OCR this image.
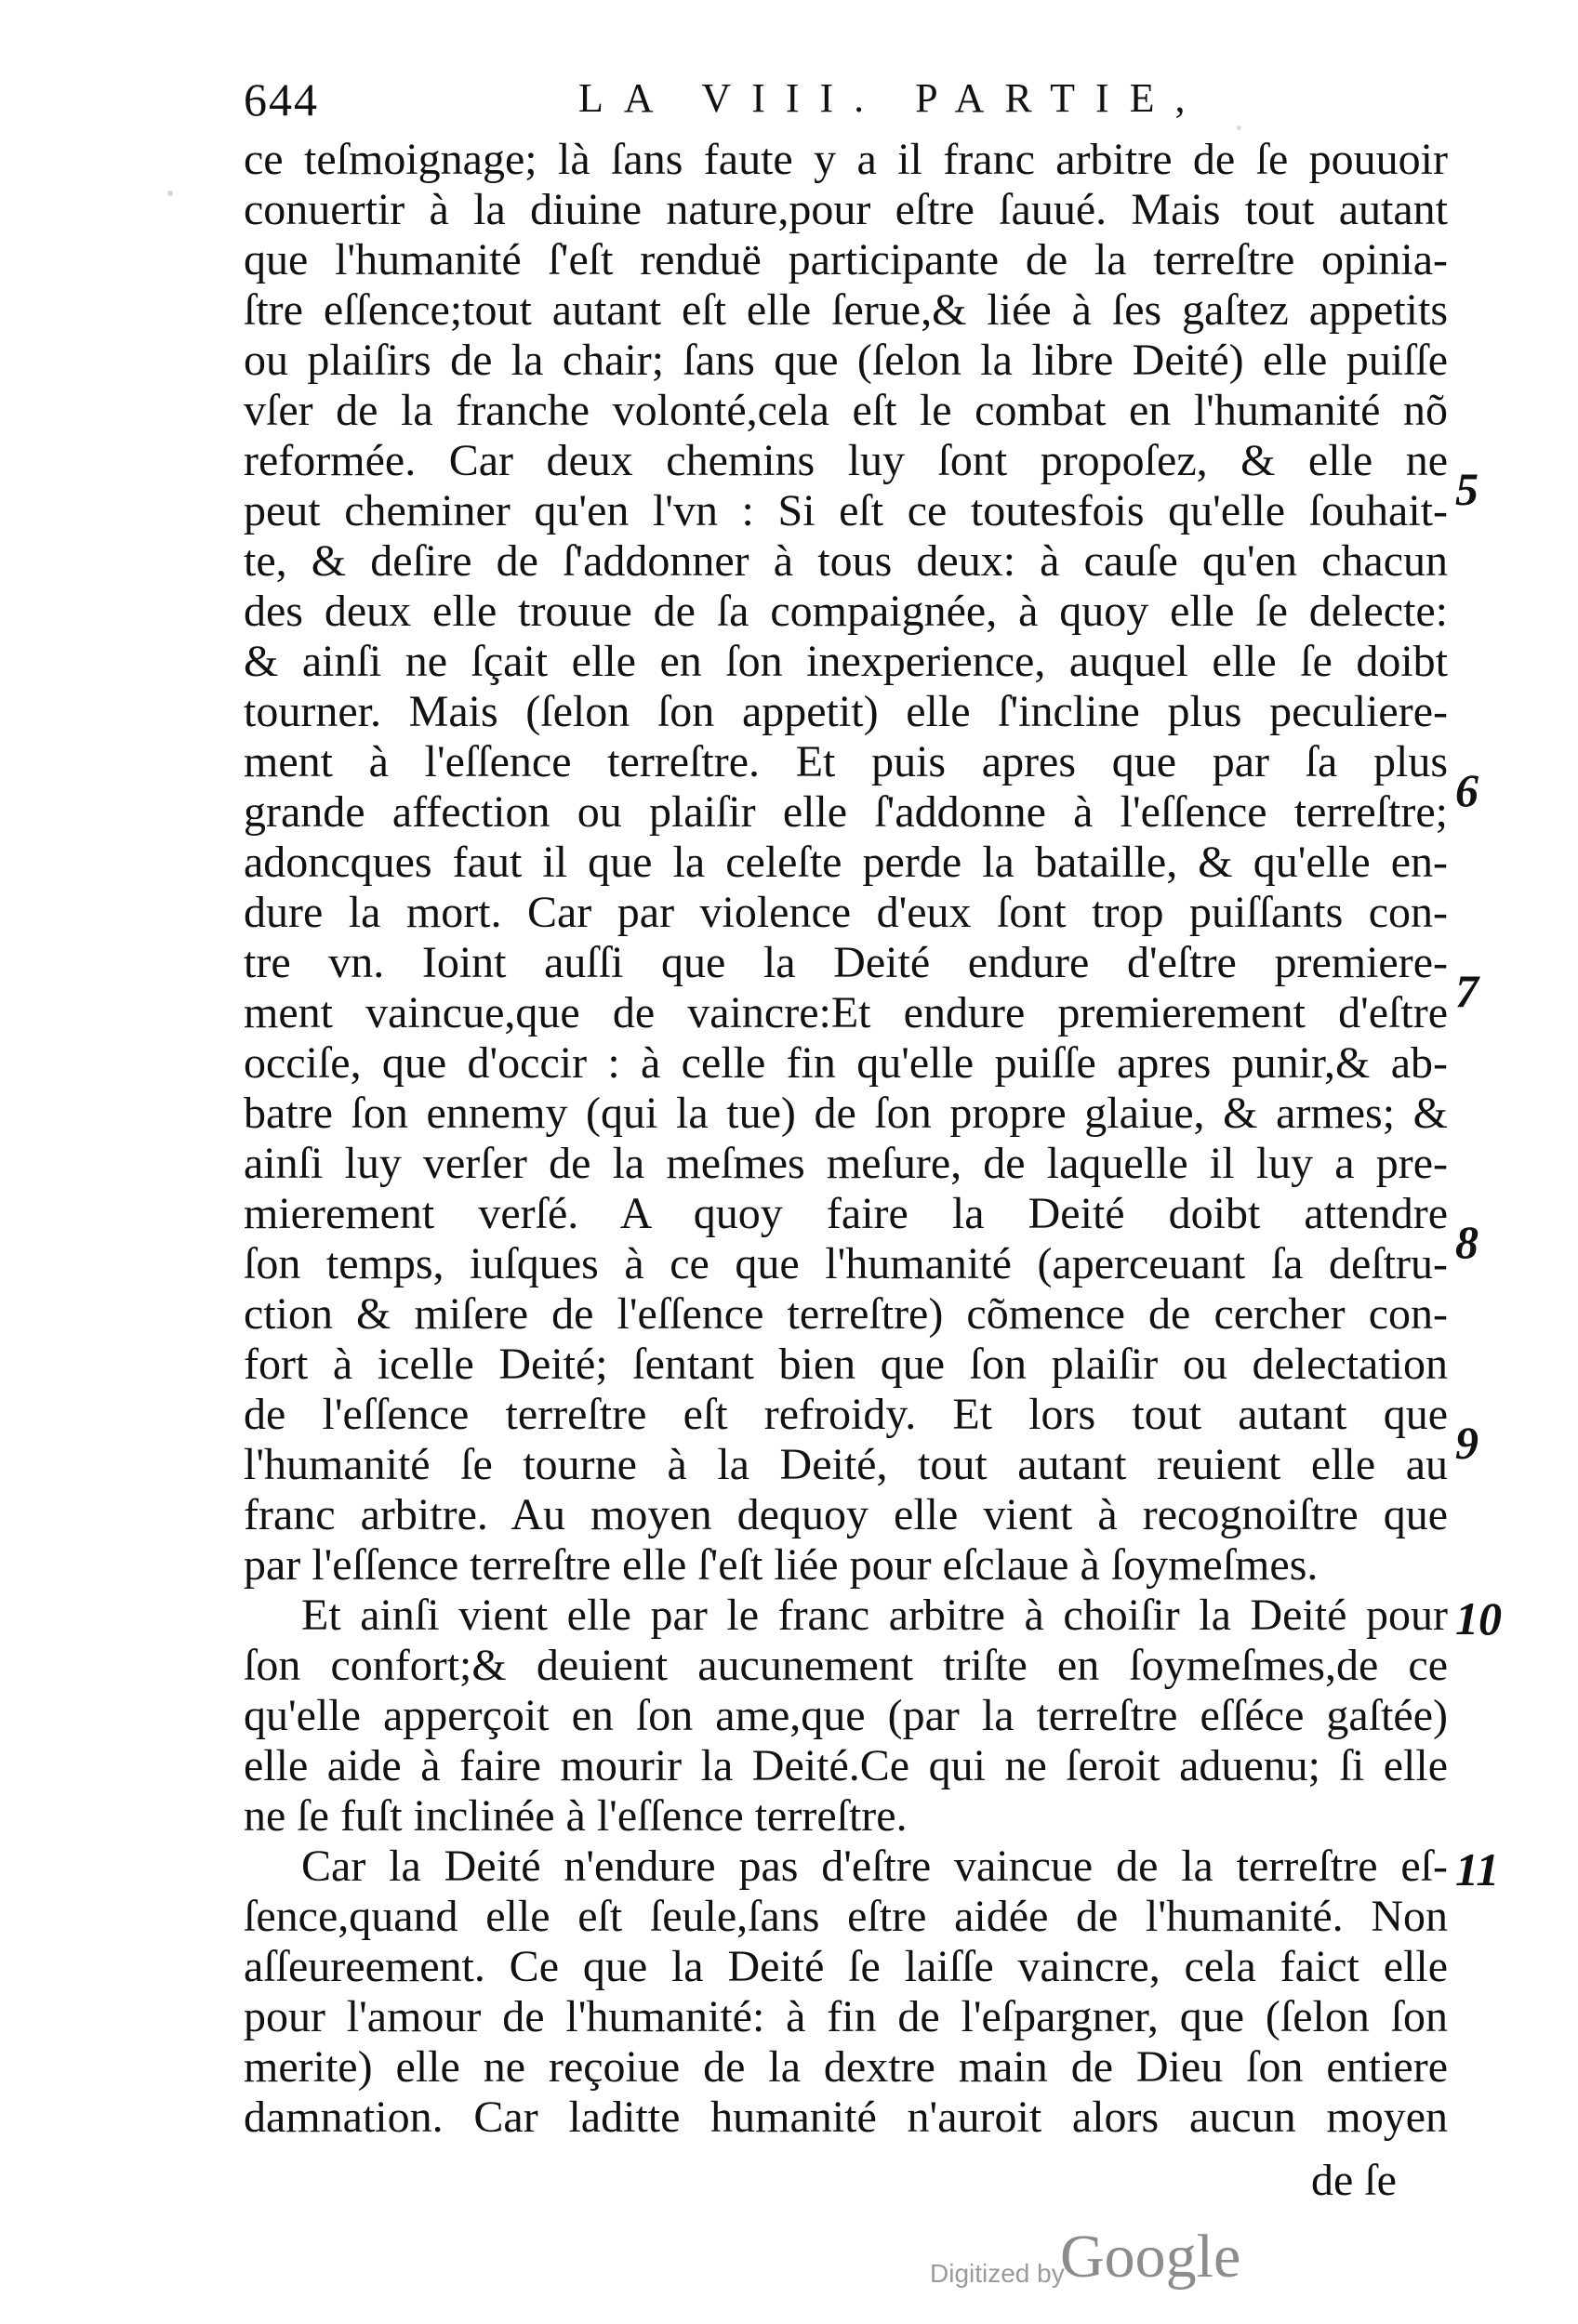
644	LA VIII. PARTIE,
ce teſmoignage; là ſans faute y a il franc arbitre de ſe pouuoir
conuertir à la diuine nature,pour eſtre ſauué. Mais tout autant
que l'humanité ſ'eſt renduë participante de la terreſtre opinia-
ſtre eſſence;tout autant eſt elle ſerue,& liée à ſes gaſtez appetits
ou plaiſirs de la chair; ſans que (ſelon la libre Deité) elle puiſſe
vſer de la franche volonté,cela eſt le combat en l'humanité nõ
reformée. Car deux chemins luy ſont propoſez, & elle ne
peut cheminer qu'en l'vn : Si eſt ce toutesfois qu'elle ſouhait-
te, & deſire de ſ'addonner à tous deux: à cauſe qu'en chacun
des deux elle trouue de ſa compaignée, à quoy elle ſe delecte:
& ainſi ne ſçait elle en ſon inexperience, auquel elle ſe doibt
tourner. Mais (ſelon ſon appetit) elle ſ'incline plus peculiere-
ment à l'eſſence terreſtre. Et puis apres que par ſa plus
grande affection ou plaiſir elle ſ'addonne à l'eſſence terreſtre;
adoncques faut il que la celeſte perde la bataille, & qu'elle en-
dure la mort. Car par violence d'eux ſont trop puiſſants con-
tre vn. Ioint auſſi que la Deité endure d'eſtre premiere-
ment vaincue,que de vaincre:Et endure premierement d'eſtre
occiſe, que d'occir : à celle fin qu'elle puiſſe apres punir,& ab-
batre ſon ennemy (qui la tue) de ſon propre glaiue, & armes; &
ainſi luy verſer de la meſmes meſure, de laquelle il luy a pre-
mierement verſé. A quoy faire la Deité doibt attendre
ſon temps, iuſques à ce que l'humanité (aperceuant ſa deſtru-
ction & miſere de l'eſſence terreſtre) cõmence de cercher con-
fort à icelle Deité; ſentant bien que ſon plaiſir ou delectation
de l'eſſence terreſtre eſt refroidy. Et lors tout autant que
l'humanité ſe tourne à la Deité, tout autant reuient elle au
franc arbitre. Au moyen dequoy elle vient à recognoiſtre que
par l'eſſence terreſtre elle ſ'eſt liée pour eſclaue à ſoymeſmes.
Et ainſi vient elle par le franc arbitre à choiſir la Deité pour
ſon confort;& deuient aucunement triſte en ſoymeſmes,de ce
qu'elle apperçoit en ſon ame,que (par la terreſtre eſſéce gaſtée)
elle aide à faire mourir la Deité.Ce qui ne ſeroit aduenu; ſi elle
ne ſe fuſt inclinée à l'eſſence terreſtre.
Car la Deité n'endure pas d'eſtre vaincue de la terreſtre eſ-
ſence,quand elle eſt ſeule,ſans eſtre aidée de l'humanité. Non
aſſeureement. Ce que la Deité ſe laiſſe vaincre, cela faict elle
pour l'amour de l'humanité: à fin de l'eſpargner, que (ſelon ſon
merite) elle ne reçoiue de la dextre main de Dieu ſon entiere
damnation. Car laditte humanité n'auroit alors aucun moyen
5
6
7
8
9
10
11
de ſe
Digitized by
Google
